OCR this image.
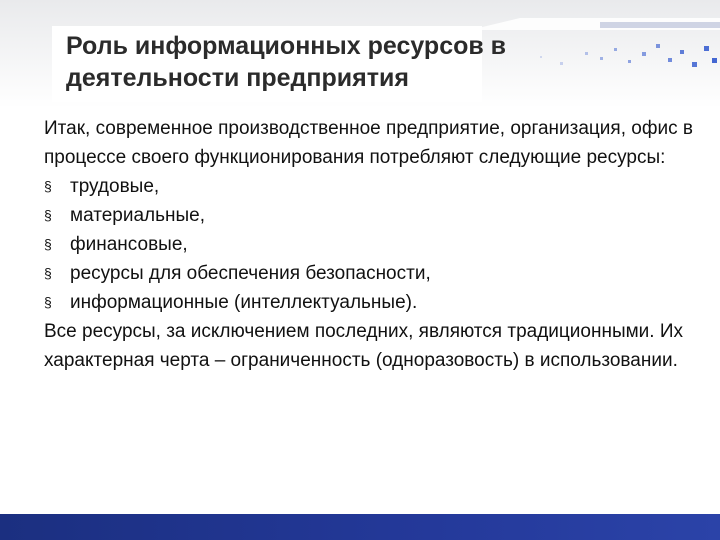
Роль информационных ресурсов в деятельности предприятия

Итак, современное производственное предприятие, организация, офис в процессе своего функционирования потребляют следующие ресурсы:

§ трудовые,
§ материальные,
§ финансовые,
§ ресурсы для обеспечения безопасности,
§ информационные (интеллектуальные).

Все ресурсы, за исключением последних, являются традиционными. Их характерная черта – ограниченность (одноразовость) в использовании.
